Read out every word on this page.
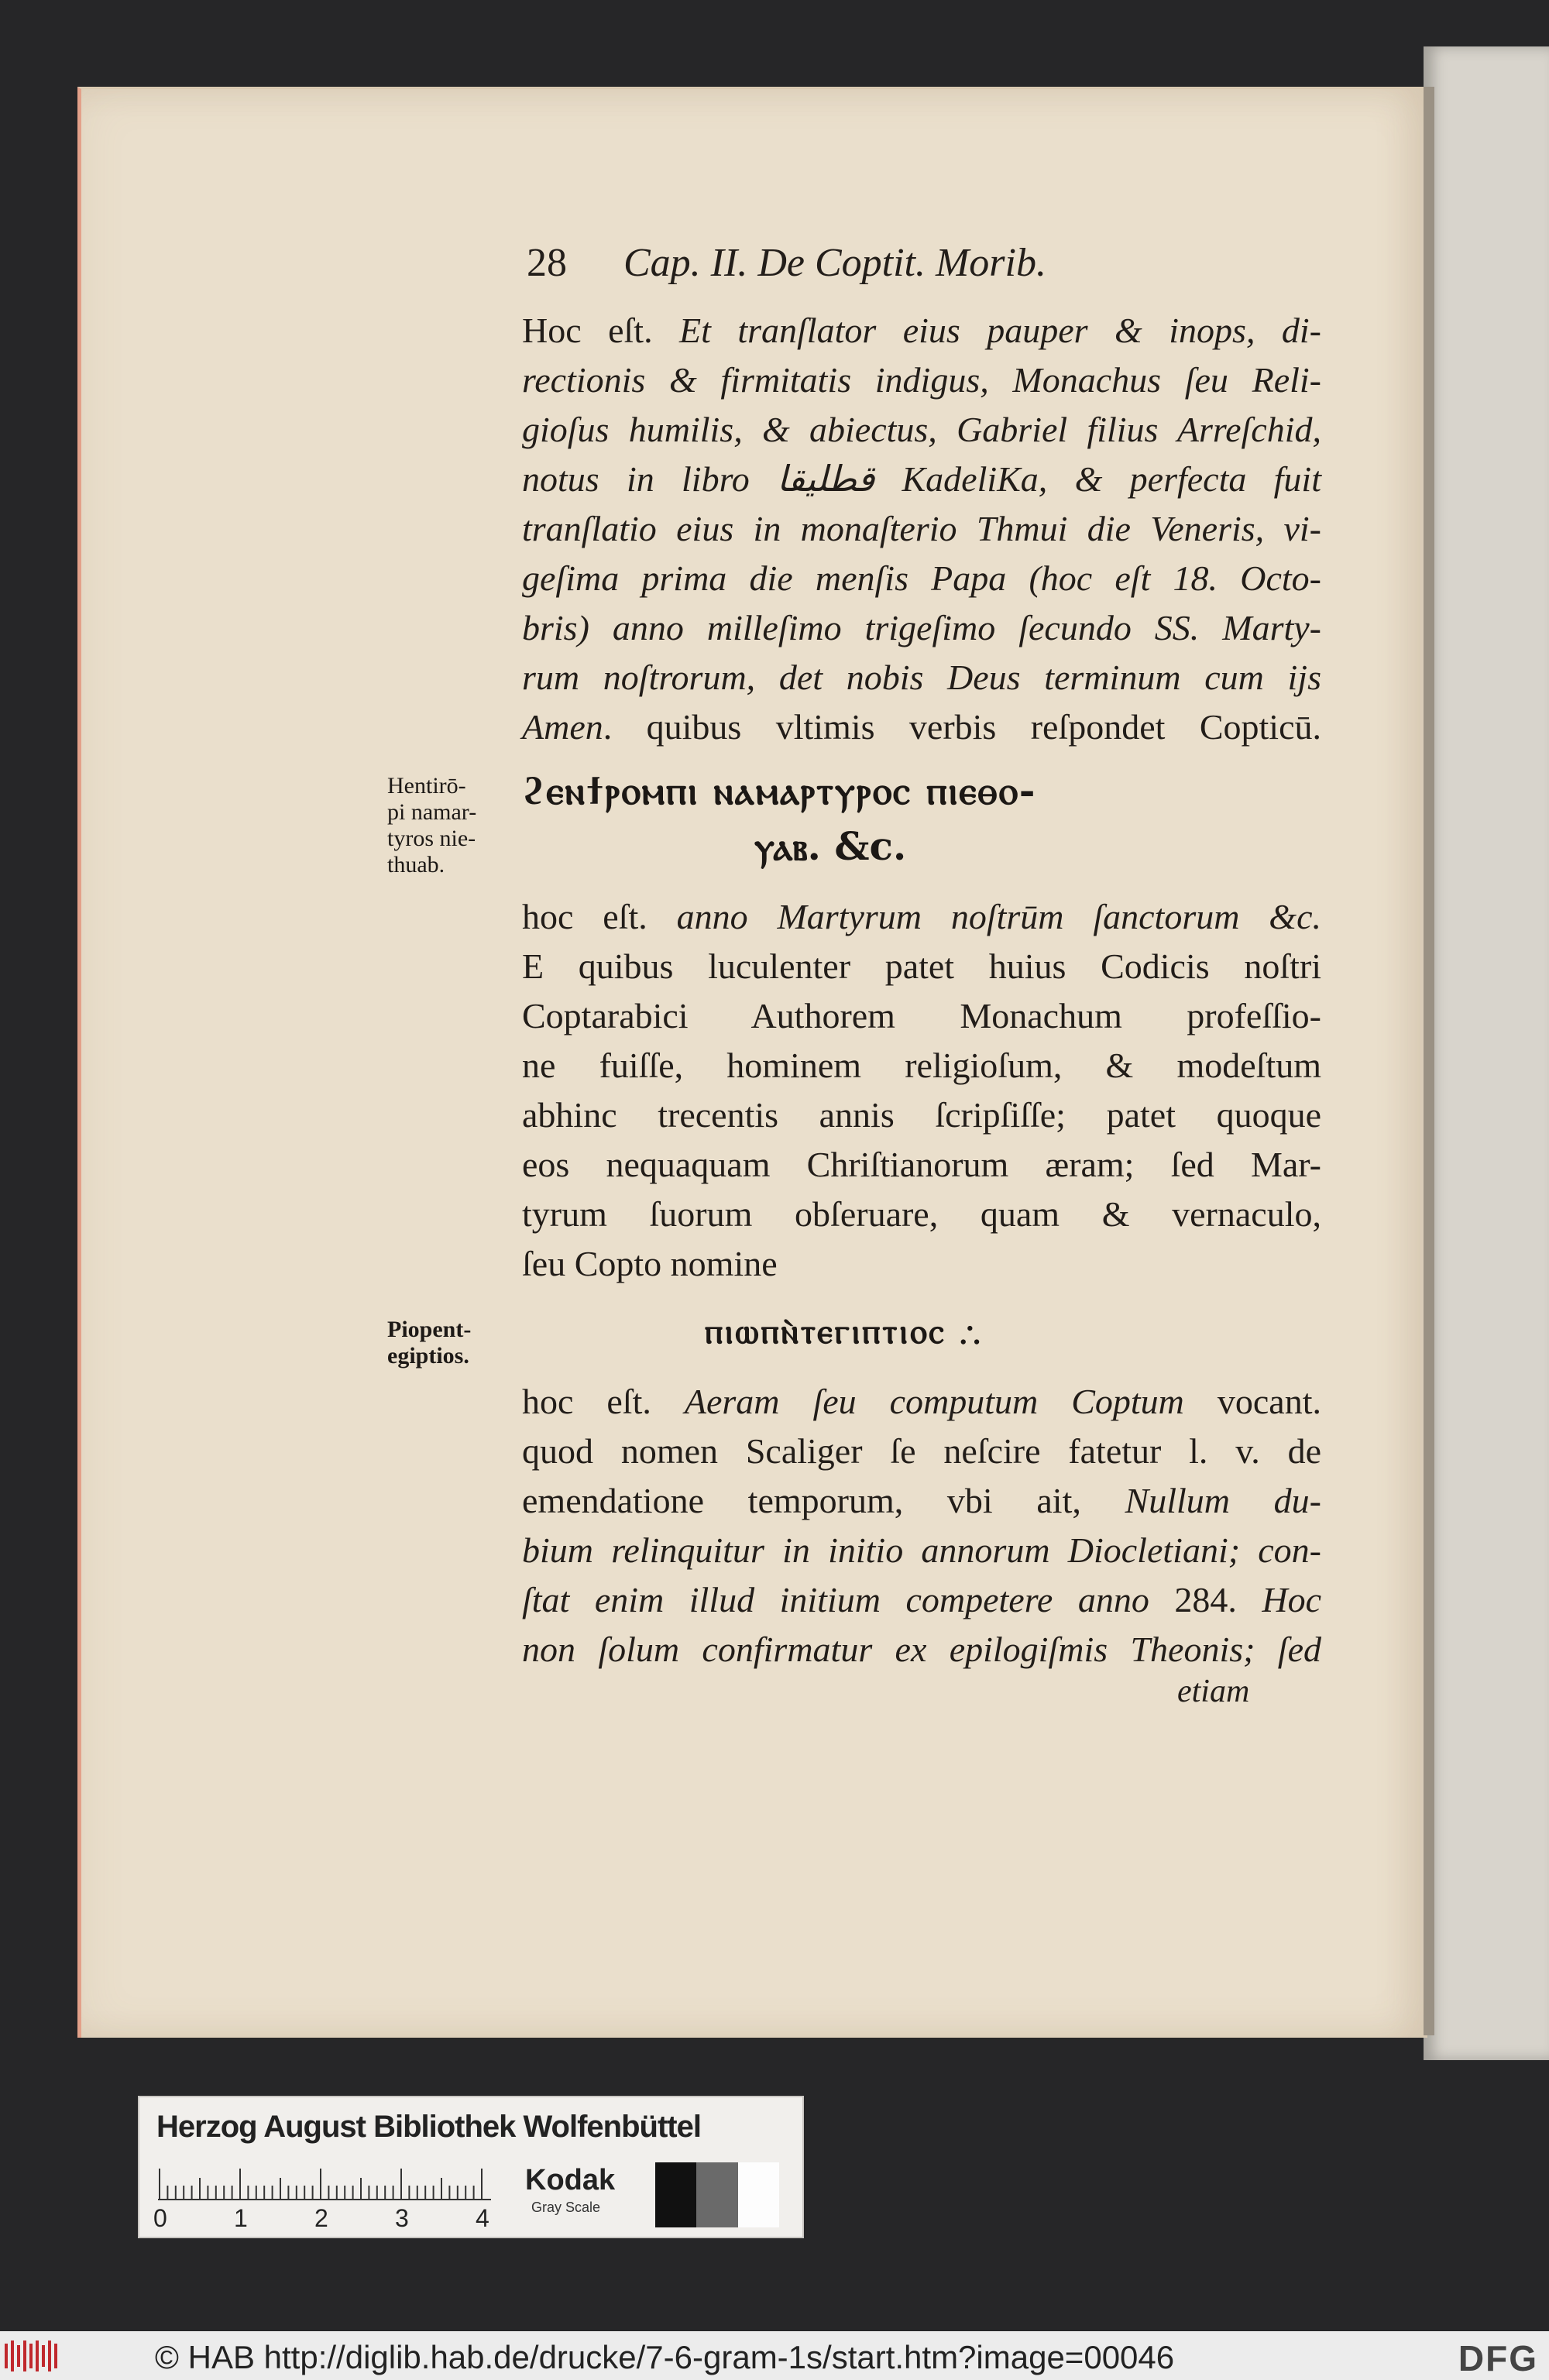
28 Cap. II. De Coptit. Morib.
Hoc eſt. Et tranſlator eius pauper & inops, di-
rectionis & firmitatis indigus, Monachus ſeu Reli-
gioſus humilis, & abiectus, Gabriel filius Arreſchid,
notus in libro قطليقا KadeliKa, & perfecta fuit
tranſlatio eius in monaſterio Thmui die Veneris, vi-
geſima prima die menſis Papa (hoc eſt 18. Octo-
bris) anno milleſimo trigeſimo ſecundo SS. Marty-
rum noſtrorum, det nobis Deus terminum cum ijs
Amen. quibus vltimis verbis reſpondet Copticū.
Hentirō-
pi namar-
tyros nie-
thuab.
ϩⲉⲛϯⲣⲟⲙⲡⲓ ⲛⲁⲙⲁⲣⲧⲩⲣⲟⲥ ⲡⲓⲉⲑⲟ-
ⲩⲁⲃ. &c.
hoc eſt. anno Martyrum noſtrūm ſanctorum &c.
E quibus luculenter patet huius Codicis noſtri
Coptarabici Authorem Monachum profeſſio-
ne fuiſſe, hominem religioſum, & modeſtum
abhinc trecentis annis ſcripſiſſe; patet quoque
eos nequaquam Chriſtianorum æram; ſed Mar-
tyrum ſuorum obſeruare, quam & vernaculo,
ſeu Copto nomine
Piopent-
egiptios.
ⲡⲓⲱⲡⲛ̀ⲧⲉⲅⲓⲡⲧⲓⲟⲥ ∴
hoc eſt. Aeram ſeu computum Coptum vocant.
quod nomen Scaliger ſe neſcire fatetur l. v. de
emendatione temporum, vbi ait, Nullum du-
bium relinquitur in initio annorum Diocletiani; con-
ſtat enim illud initium competere anno 284. Hoc
non ſolum confirmatur ex epilogiſmis Theonis; ſed
etiam
Herzog August Bibliothek Wolfenbüttel
0	1	2	3	4
Kodak
Gray Scale
© HAB http://diglib.hab.de/drucke/7-6-gram-1s/start.htm?image=00046	DFG
